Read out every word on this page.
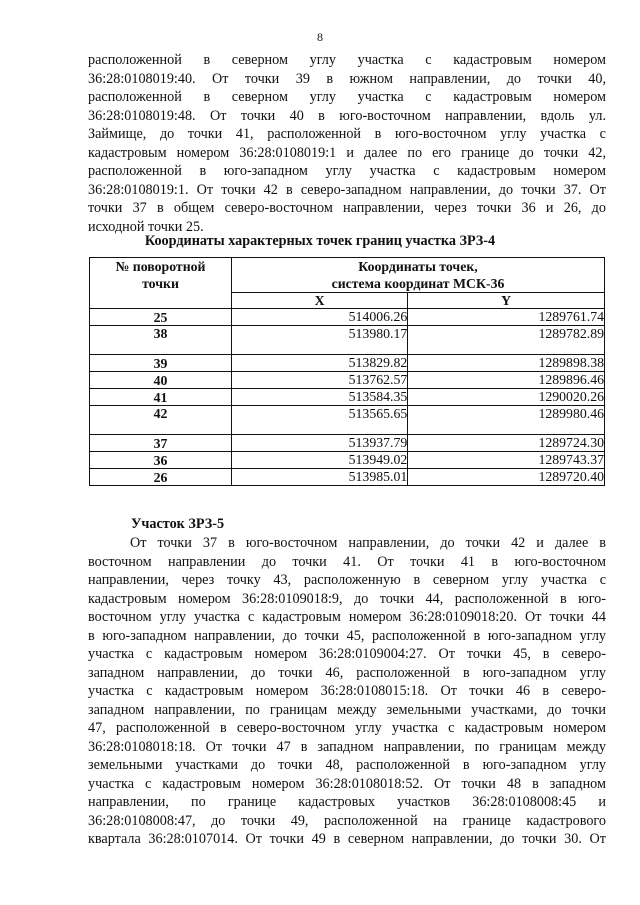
8

расположенной в северном углу участка с кадастровым номером
36:28:0108019:40. От точки 39 в южном направлении, до точки 40,
расположенной в северном углу участка с кадастровым номером
36:28:0108019:48. От точки 40 в юго-восточном направлении, вдоль ул.
Займище, до точки 41, расположенной в юго-восточном углу участка с
кадастровым номером 36:28:0108019:1 и далее по его границе до точки 42,
расположенной в юго-западном углу участка с кадастровым номером
36:28:0108019:1. От точки 42 в северо-западном направлении, до точки 37. От
точки 37 в общем северо-восточном направлении, через точки 36 и 26, до
исходной точки 25.

Координаты характерных точек границ участка ЗРЗ-4
№ поворотной
точки	Координаты точек,
система координат МСК-36	
	X	Y
25	514006.26	1289761.74
38	513980.17	1289782.89
39	513829.82	1289898.38
40	513762.57	1289896.46
41	513584.35	1290020.26
42	513565.65	1289980.46
37	513937.79	1289724.30
36	513949.02	1289743.37
26	513985.01	1289720.40
Участок ЗРЗ-5

От точки 37 в юго-восточном направлении, до точки 42 и далее в
восточном направлении до точки 41. От точки 41 в юго-восточном
направлении, через точку 43, расположенную в северном углу участка с
кадастровым номером 36:28:0109018:9, до точки 44, расположенной в юго-
восточном углу участка с кадастровым номером 36:28:0109018:20. От точки 44
в юго-западном направлении, до точки 45, расположенной в юго-западном углу
участка с кадастровым номером 36:28:0109004:27. От точки 45, в северо-
западном направлении, до точки 46, расположенной в юго-западном углу
участка с кадастровым номером 36:28:0108015:18. От точки 46 в северо-
западном направлении, по границам между земельными участками, до точки
47, расположенной в северо-восточном углу участка с кадастровым номером
36:28:0108018:18. От точки 47 в западном направлении, по границам между
земельными участками до точки 48, расположенной в юго-западном углу
участка с кадастровым номером 36:28:0108018:52. От точки 48 в западном
направлении, по границе кадастровых участков 36:28:0108008:45 и
36:28:0108008:47, до точки 49, расположенной на границе кадастрового
квартала 36:28:0107014. От точки 49 в северном направлении, до точки 30. От
